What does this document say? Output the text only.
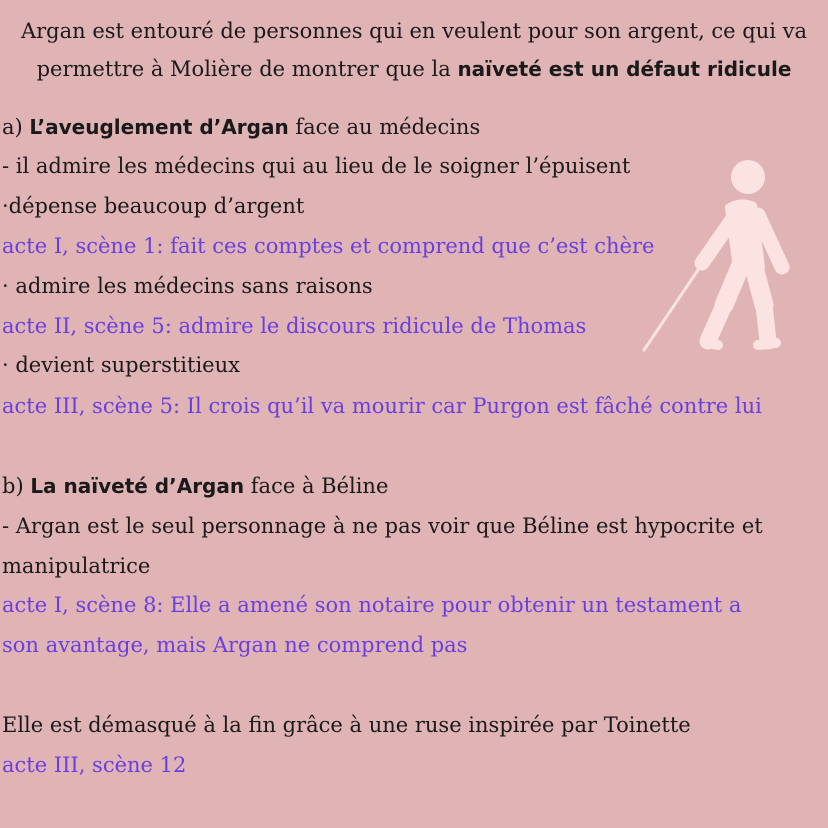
Argan est entouré de personnes qui en veulent pour son argent, ce qui va
permettre à Molière de montrer que la naïveté est un défaut ridicule
a) L’aveuglement d’Argan face au médecins
- il admire les médecins qui au lieu de le soigner l’épuisent
·dépense beaucoup d’argent
acte I, scène 1: fait ces comptes et comprend que c’est chère
· admire les médecins sans raisons
acte II, scène 5: admire le discours ridicule de Thomas
· devient superstitieux
acte III, scène 5: Il crois qu’il va mourir car Purgon est fâché contre lui
b) La naïveté d’Argan face à Béline
- Argan est le seul personnage à ne pas voir que Béline est hypocrite et
manipulatrice
acte I, scène 8: Elle a amené son notaire pour obtenir un testament a
son avantage, mais Argan ne comprend pas
Elle est démasqué à la fin grâce à une ruse inspirée par Toinette
acte III, scène 12
